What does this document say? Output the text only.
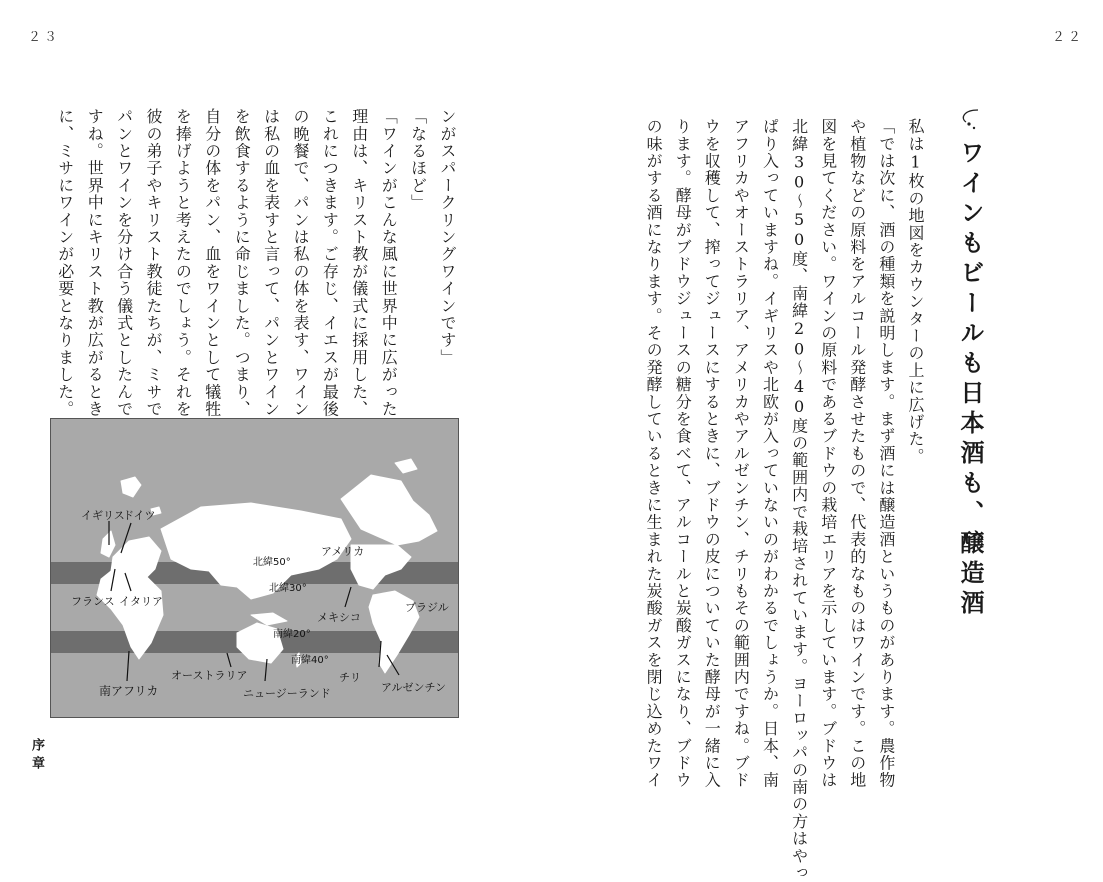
２３	２２
序章
ワインもビールも日本酒も、醸造酒
私は1枚の地図をカウンターの上に広げた。
「では次に、酒の種類を説明します。まず酒には醸造酒というものがあります。農作物
や植物などの原料をアルコール発酵させたもので、代表的なものはワインです。この地
図を見てください。ワインの原料であるブドウの栽培エリアを示しています。ブドウは
北緯30～50度、南緯20～40度の範囲内で栽培されています。ヨーロッパの南の方はやっ
ぱり入っていますね。イギリスや北欧が入っていないのがわかるでしょうか。日本、南
アフリカやオーストラリア、アメリカやアルゼンチン、チリもその範囲内ですね。ブド
ウを収穫して、搾ってジュースにするときに、ブドウの皮についていた酵母が一緒に入
ります。酵母がブドウジュースの糖分を食べて、アルコールと炭酸ガスになり、ブドウ
の味がする酒になります。その発酵しているときに生まれた炭酸ガスを閉じ込めたワイ
ンがスパークリングワインです」
「なるほど」
「ワインがこんな風に世界中に広がった
理由は、キリスト教が儀式に採用した、
これにつきます。ご存じ、イエスが最後
の晩餐で、パンは私の体を表す、ワイン
は私の血を表すと言って、パンとワイン
を飲食するように命じました。つまり、
自分の体をパン、血をワインとして犠牲
を捧げようと考えたのでしょう。それを
彼の弟子やキリスト教徒たちが、ミサで
パンとワインを分け合う儀式としたんで
すね。世界中にキリスト教が広がるとき
に、ミサにワインが必要となりました。
イギリス
ドイツ
フランス イタリア
南アフリカ
オーストラリア
ニュージーランド
アメリカ
メキシコ
ブラジル
チリ
アルゼンチン
北緯50°
北緯30°
南緯20°
南緯40°
